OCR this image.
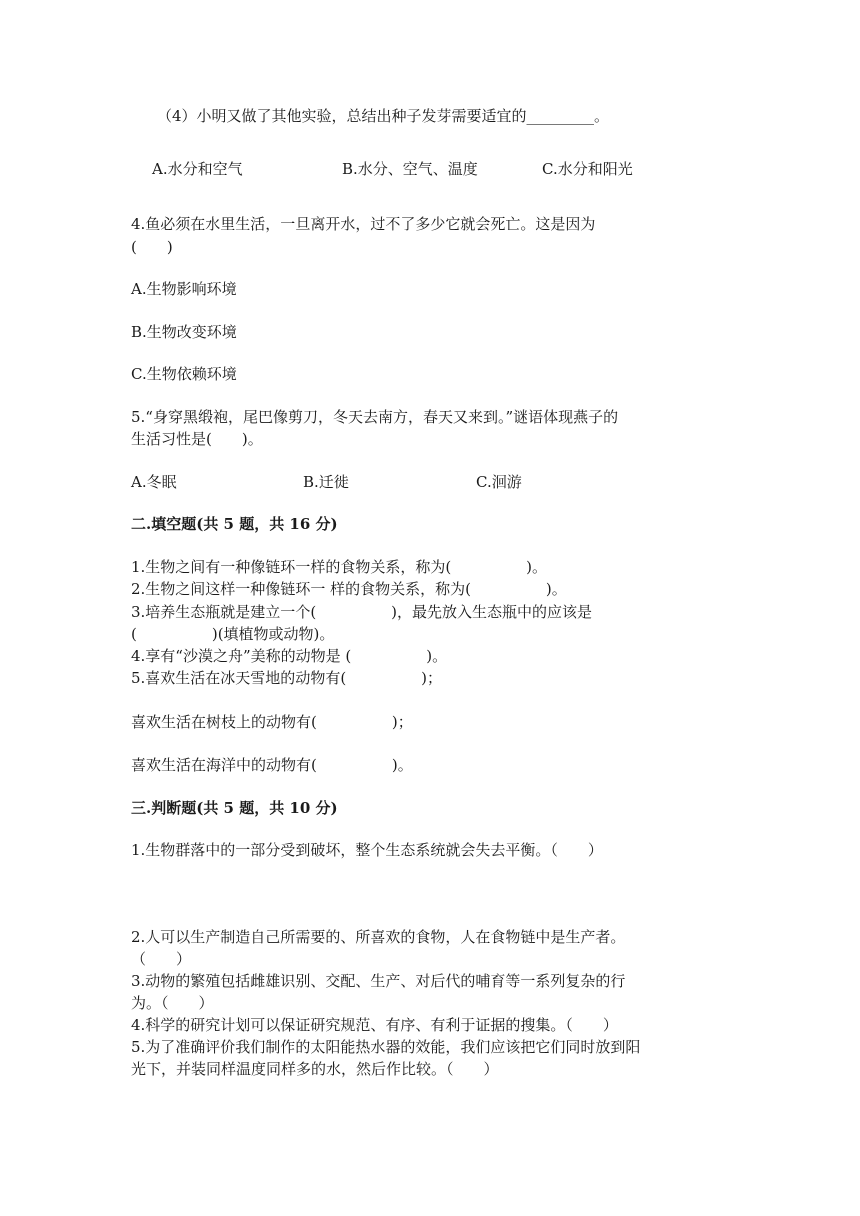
（4）小明又做了其他实验，总结出种子发芽需要适宜的_________。
A.水分和空气	B.水分、空气、温度	C.水分和阳光
4.鱼必须在水里生活，一旦离开水，过不了多少它就会死亡。这是因为
(　　)
A.生物影响环境
B.生物改变环境
C.生物依赖环境
5.“身穿黑缎袍，尾巴像剪刀，冬天去南方，春天又来到。”谜语体现燕子的
生活习性是(　　)。
A.冬眠	B.迁徙	C.洄游
二.填空题(共 5 题，共 16 分)
1.生物之间有一种像链环一样的食物关系，称为(　　　　　)。
2.生物之间这样一种像链环一 样的食物关系，称为(　　　　　)。
3.培养生态瓶就是建立一个(　　　　　)，最先放入生态瓶中的应该是
(　　　　　)(填植物或动物)。
4.享有“沙漠之舟”美称的动物是 (　　　　　)。
5.喜欢生活在冰天雪地的动物有(　　　　　)；
喜欢生活在树枝上的动物有(　　　　　)；
喜欢生活在海洋中的动物有(　　　　　)。
三.判断题(共 5 题，共 10 分)
1.生物群落中的一部分受到破坏，整个生态系统就会失去平衡。（　　）
2.人可以生产制造自己所需要的、所喜欢的食物，人在食物链中是生产者。
（　　）
3.动物的繁殖包括雌雄识别、交配、生产、对后代的哺育等一系列复杂的行
为。（　　）
4.科学的研究计划可以保证研究规范、有序、有利于证据的搜集。（　　）
5.为了准确评价我们制作的太阳能热水器的效能，我们应该把它们同时放到阳
光下，并装同样温度同样多的水，然后作比较。（　　）
